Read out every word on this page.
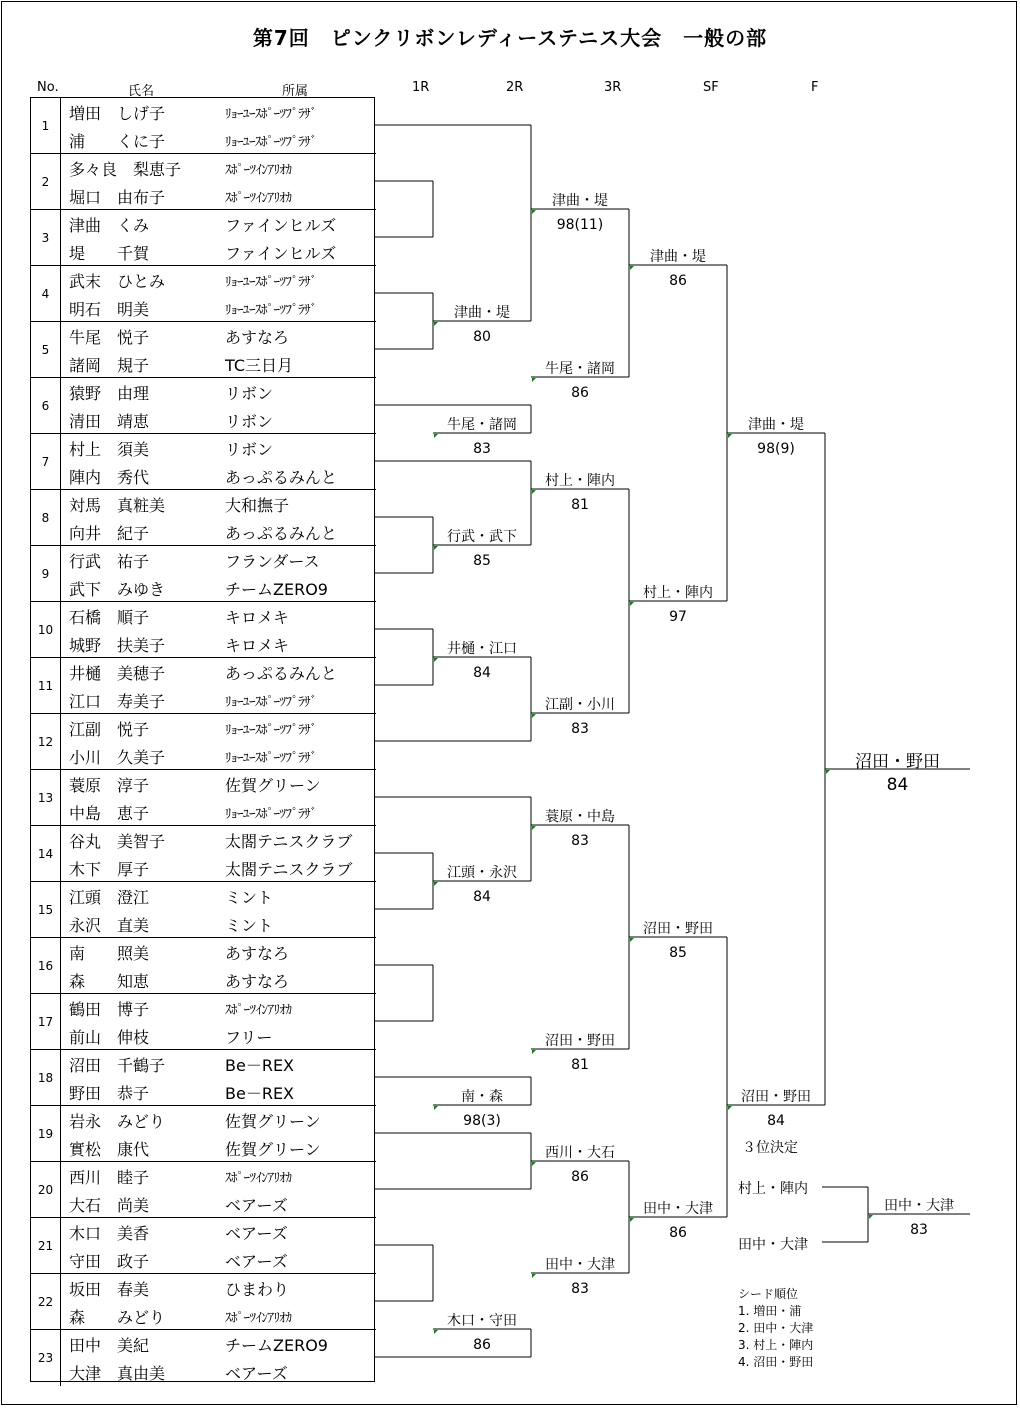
第7回　ピンクリボンレディーステニス大会　一般の部
No.	氏名	所属	1R	2R	3R	SF	F
1
増田　しげ子	ﾘｮｰﾕｰｽﾎﾟｰﾂﾌﾟﾗｻﾞ
浦　　くに子	ﾘｮｰﾕｰｽﾎﾟｰﾂﾌﾟﾗｻﾞ
2
多々良　梨恵子	ｽﾎﾟｰﾂｲﾝｱﾘｵｶ
堀口　由布子	ｽﾎﾟｰﾂｲﾝｱﾘｵｶ
3
津曲　くみ	ファインヒルズ
堤　　千賀	ファインヒルズ
4
武末　ひとみ	ﾘｮｰﾕｰｽﾎﾟｰﾂﾌﾟﾗｻﾞ
明石　明美	ﾘｮｰﾕｰｽﾎﾟｰﾂﾌﾟﾗｻﾞ
5
牛尾　悦子	あすなろ
諸岡　規子	TC三日月
6
猿野　由理	リボン
清田　靖恵	リボン
7
村上　須美	リボン
陣内　秀代	あっぷるみんと
8
対馬　真粧美	大和撫子
向井　紀子	あっぷるみんと
9
行武　祐子	フランダース
武下　みゆき	チームZERO9
10
石橋　順子	キロメキ
城野　扶美子	キロメキ
11
井樋　美穂子	あっぷるみんと
江口　寿美子	ﾘｮｰﾕｰｽﾎﾟｰﾂﾌﾟﾗｻﾞ
12
江副　悦子	ﾘｮｰﾕｰｽﾎﾟｰﾂﾌﾟﾗｻﾞ
小川　久美子	ﾘｮｰﾕｰｽﾎﾟｰﾂﾌﾟﾗｻﾞ
13
蓑原　淳子	佐賀グリーン
中島　恵子	ﾘｮｰﾕｰｽﾎﾟｰﾂﾌﾟﾗｻﾞ
14
谷丸　美智子	太閤テニスクラブ
木下　厚子	太閤テニスクラブ
15
江頭　澄江	ミント
永沢　直美	ミント
16
南　　照美	あすなろ
森　　知恵	あすなろ
17
鶴田　博子	ｽﾎﾟｰﾂｲﾝｱﾘｵｶ
前山　伸枝	フリー
18
沼田　千鶴子	Be－REX
野田　恭子	Be－REX
19
岩永　みどり	佐賀グリーン
實松　康代	佐賀グリーン
20
西川　睦子	ｽﾎﾟｰﾂｲﾝｱﾘｵｶ
大石　尚美	ベアーズ
21
木口　美香	ベアーズ
守田　政子	ベアーズ
22
坂田　春美	ひまわり
森　　みどり	ｽﾎﾟｰﾂｲﾝｱﾘｵｶ
23
田中　美紀	チームZERO9
大津　真由美	ベアーズ
津曲・堤
80
牛尾・諸岡
83
行武・武下
85
井樋・江口
84
江頭・永沢
84
南・森
98(3)
木口・守田
86
津曲・堤
98(11)
牛尾・諸岡
86
村上・陣内
81
江副・小川
83
蓑原・中島
83
沼田・野田
81
西川・大石
86
田中・大津
83
津曲・堤
86
村上・陣内
97
沼田・野田
85
田中・大津
86
津曲・堤
98(9)
沼田・野田
84
沼田・野田
84
田中・大津
83
３位決定
村上・陣内
田中・大津
シード順位
1. 増田・浦
2. 田中・大津
3. 村上・陣内
4. 沼田・野田
